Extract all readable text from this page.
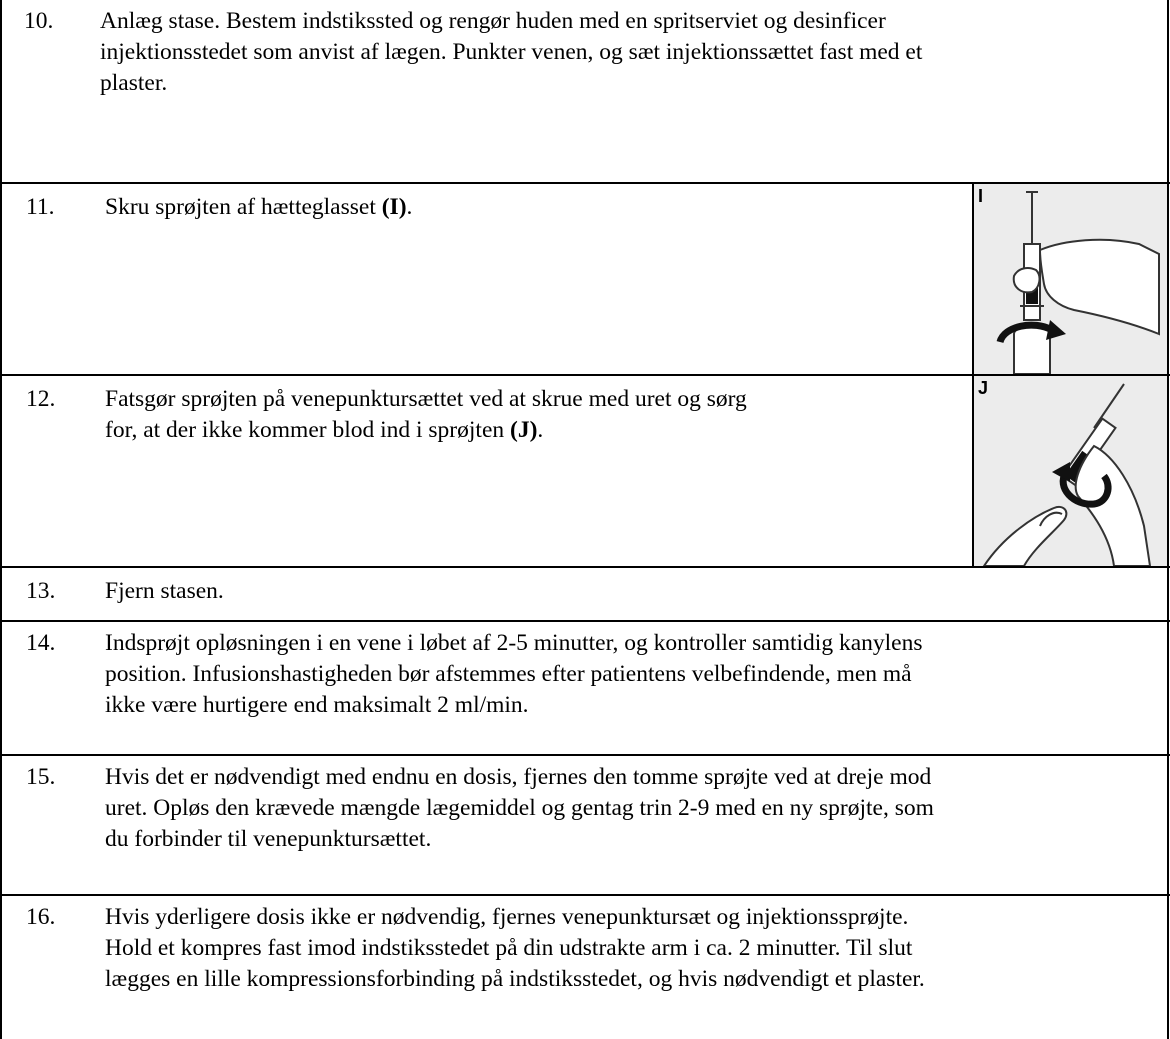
10. Anlæg stase. Bestem indstikssted og rengør huden med en spritserviet og desinficer

injektionsstedet som anvist af lægen. Punkter venen, og sæt injektionssættet fast med et

plaster.

11. Skru sprøjten af hætteglasset (I).	I
12. Fatsgør sprøjten på venepunktursættet ved at skrue med uret og sørg

for, at der ikke kommer blod ind i sprøjten (J).

J
13. Fjern stasen.

14. Indsprøjt opløsningen i en vene i løbet af 2-5 minutter, og kontroller samtidig kanylens

position. Infusionshastigheden bør afstemmes efter patientens velbefindende, men må

ikke være hurtigere end maksimalt 2 ml/min.

15. Hvis det er nødvendigt med endnu en dosis, fjernes den tomme sprøjte ved at dreje mod

uret. Opløs den krævede mængde lægemiddel og gentag trin 2-9 med en ny sprøjte, som

du forbinder til venepunktursættet.

16. Hvis yderligere dosis ikke er nødvendig, fjernes venepunktursæt og injektionssprøjte.

Hold et kompres fast imod indstiksstedet på din udstrakte arm i ca. 2 minutter. Til slut

lægges en lille kompressionsforbinding på indstiksstedet, og hvis nødvendigt et plaster.
